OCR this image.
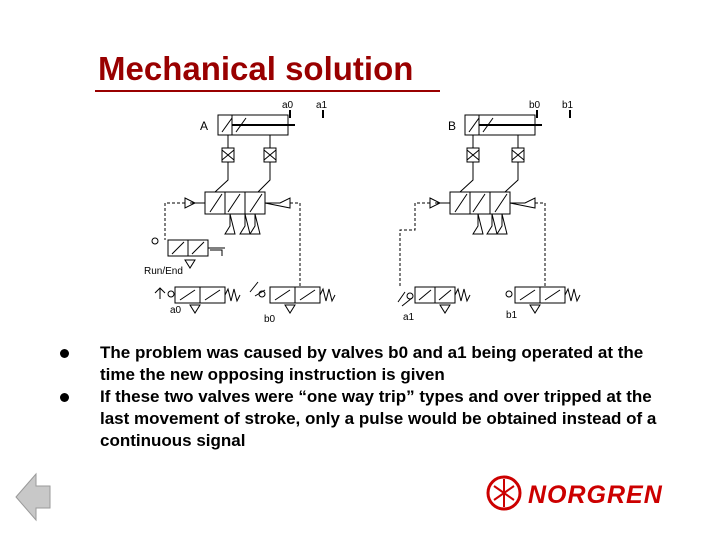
Mechanical solution
A
a0 a1
Run/End
a0
b0
B
b0 b1
a1	b1
The problem was caused by valves b0 and a1 being operated at the time the new opposing instruction is given
If these two valves were “one way trip” types and over tripped at the last movement of stroke, only a pulse would be obtained instead of a continuous signal
NORGREN
